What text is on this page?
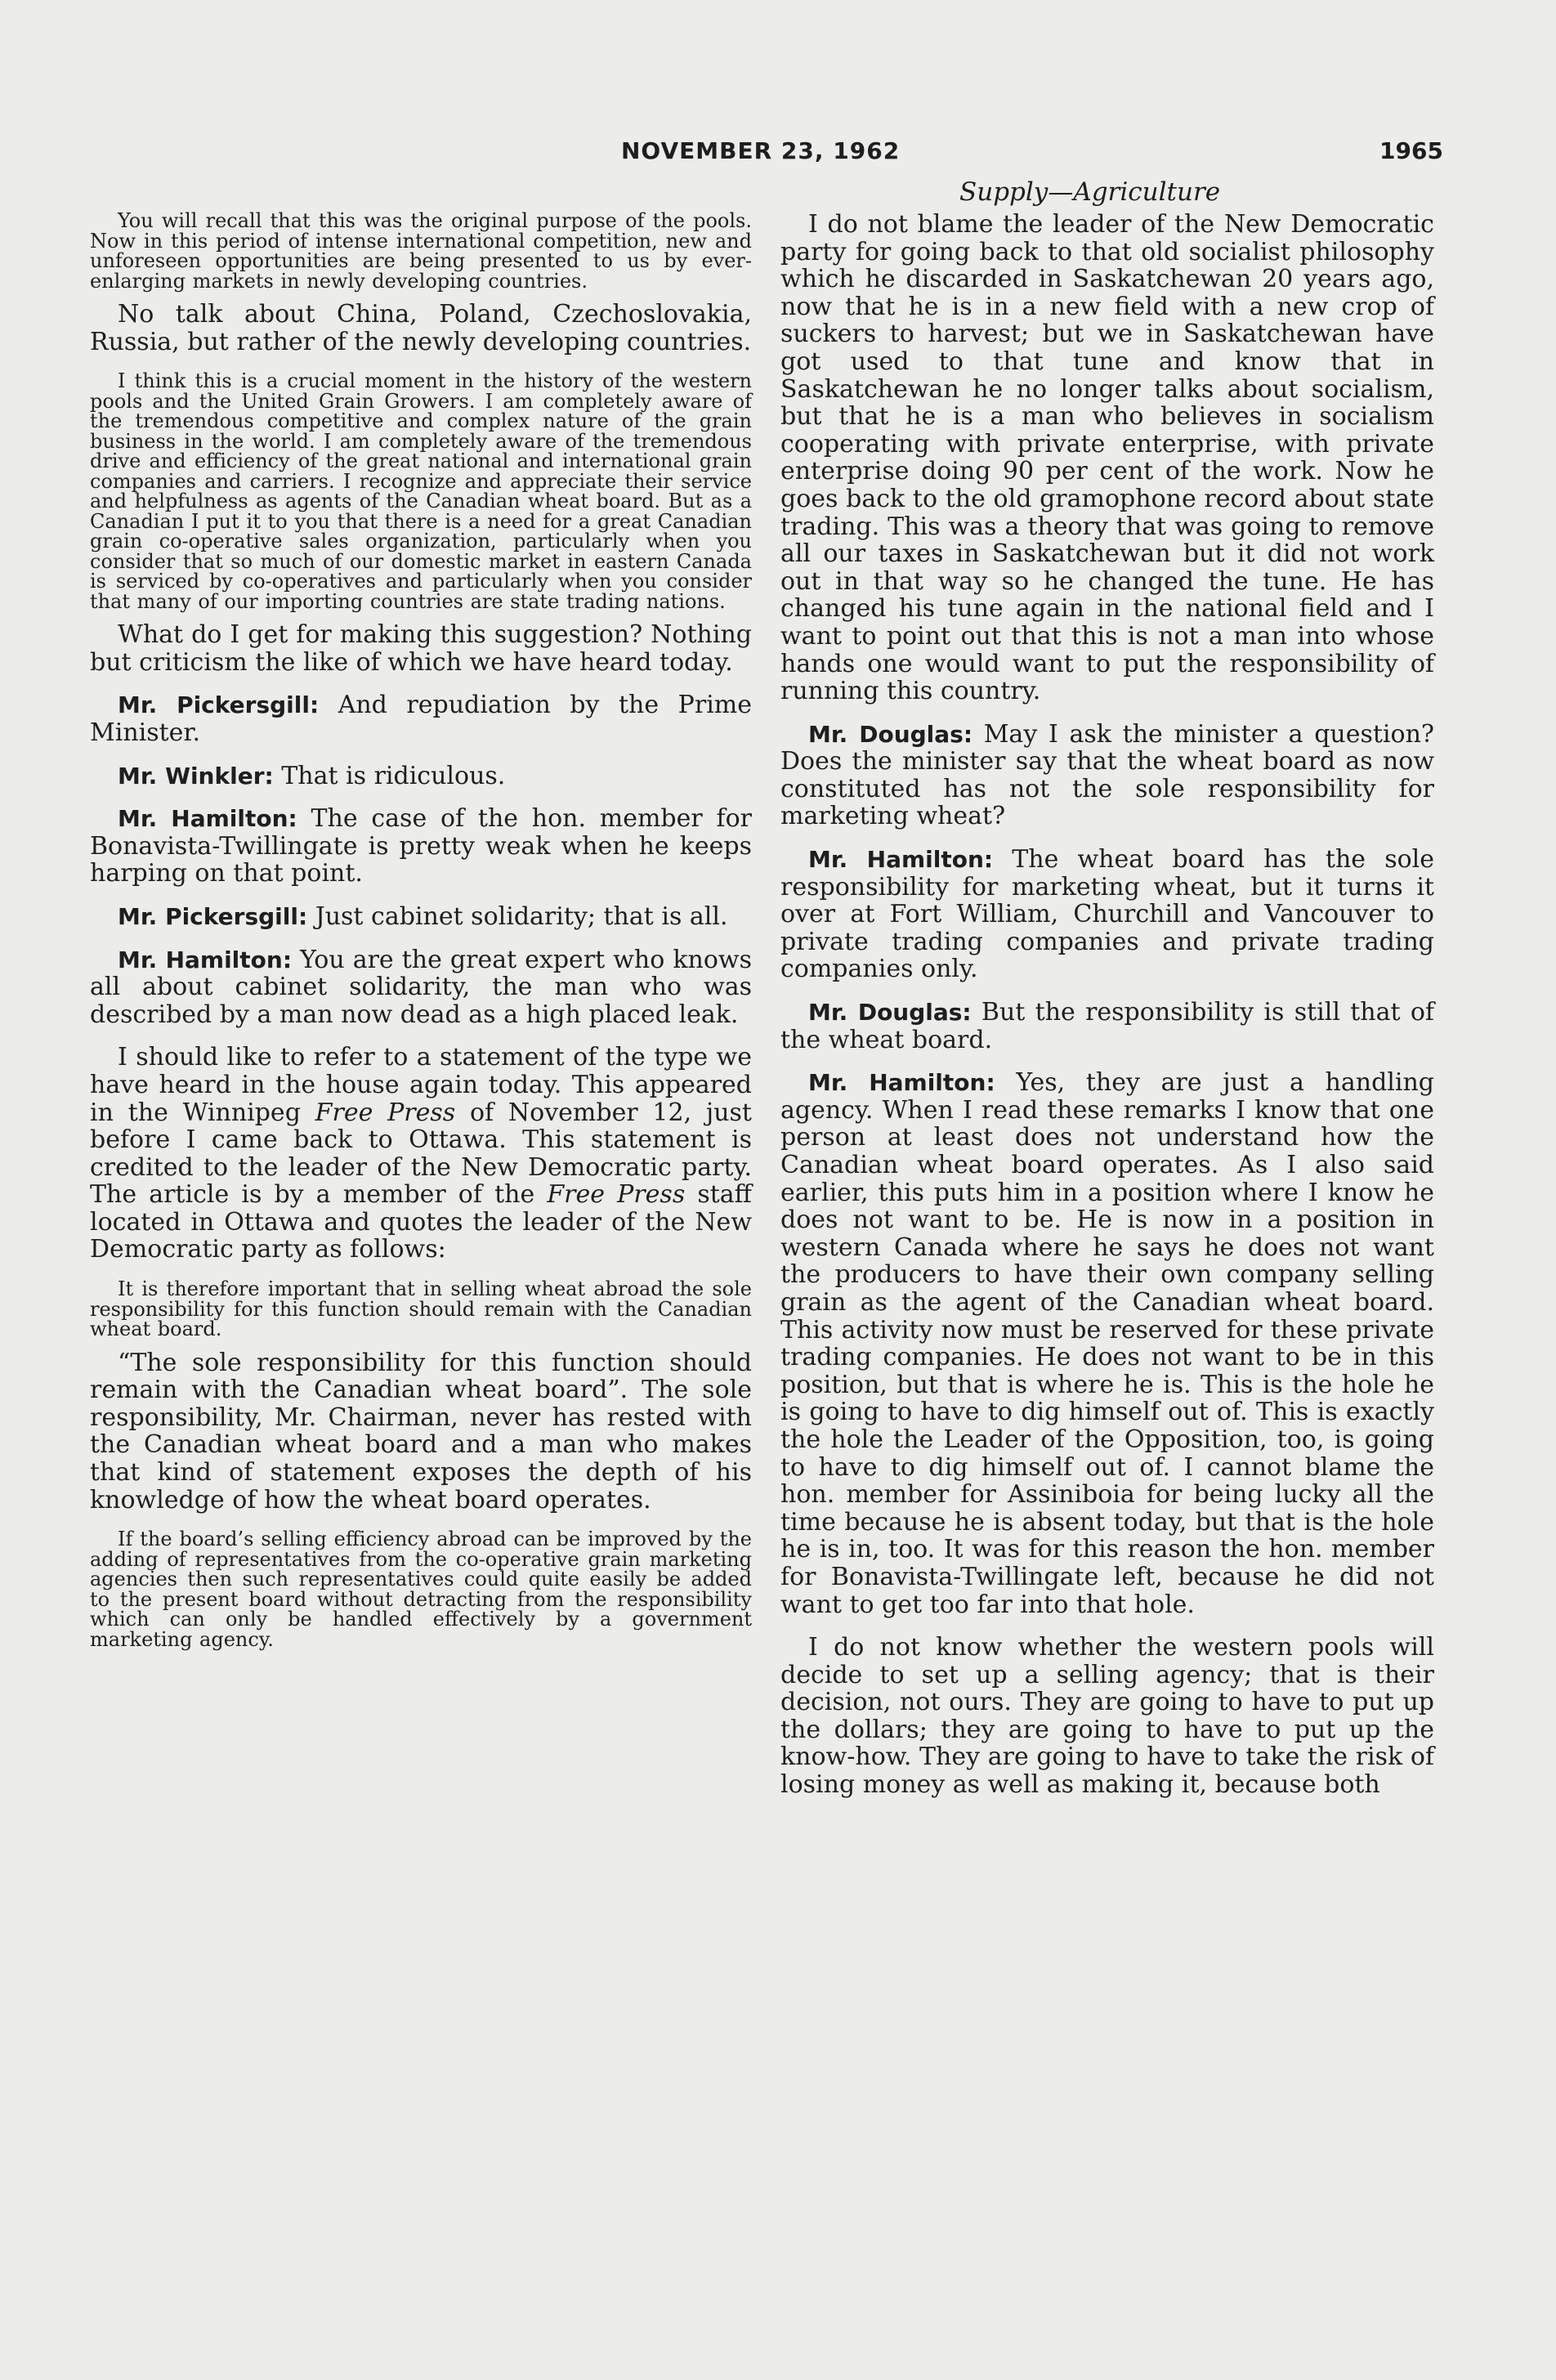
NOVEMBER 23, 1962	1965
Supply—Agriculture

You will recall that this was the original purpose of the pools. Now in this period of intense international competition, new and unforeseen opportunities are being presented to us by ever-enlarging markets in newly developing countries.

No talk about China, Poland, Czechoslovakia, Russia, but rather of the newly developing countries.

I think this is a crucial moment in the history of the western pools and the United Grain Growers. I am completely aware of the tremendous competitive and complex nature of the grain business in the world. I am completely aware of the tremendous drive and efficiency of the great national and international grain companies and carriers. I recognize and appreciate their service and helpfulness as agents of the Canadian wheat board. But as a Canadian I put it to you that there is a need for a great Canadian grain co-operative sales organization, particularly when you consider that so much of our domestic market in eastern Canada is serviced by co-operatives and particularly when you consider that many of our importing countries are state trading nations.

What do I get for making this suggestion? Nothing but criticism the like of which we have heard today.

Mr. Pickersgill: And repudiation by the Prime Minister.

Mr. Winkler: That is ridiculous.

Mr. Hamilton: The case of the hon. member for Bonavista-Twillingate is pretty weak when he keeps harping on that point.

Mr. Pickersgill: Just cabinet solidarity; that is all.

Mr. Hamilton: You are the great expert who knows all about cabinet solidarity, the man who was described by a man now dead as a high placed leak.

I should like to refer to a statement of the type we have heard in the house again today. This appeared in the Winnipeg Free Press of November 12, just before I came back to Ottawa. This statement is credited to the leader of the New Democratic party. The article is by a member of the Free Press staff located in Ottawa and quotes the leader of the New Democratic party as follows:

It is therefore important that in selling wheat abroad the sole responsibility for this function should remain with the Canadian wheat board.

“The sole responsibility for this function should remain with the Canadian wheat board”. The sole responsibility, Mr. Chairman, never has rested with the Canadian wheat board and a man who makes that kind of statement exposes the depth of his knowledge of how the wheat board operates.

If the board’s selling efficiency abroad can be improved by the adding of representatives from the co-operative grain marketing agencies then such representatives could quite easily be added to the present board without detracting from the responsibility which can only be handled effectively by a government marketing agency.

I do not blame the leader of the New Democratic party for going back to that old socialist philosophy which he discarded in Saskatchewan 20 years ago, now that he is in a new field with a new crop of suckers to harvest; but we in Saskatchewan have got used to that tune and know that in Saskatchewan he no longer talks about socialism, but that he is a man who believes in socialism cooperating with private enterprise, with private enterprise doing 90 per cent of the work. Now he goes back to the old gramophone record about state trading. This was a theory that was going to remove all our taxes in Saskatchewan but it did not work out in that way so he changed the tune. He has changed his tune again in the national field and I want to point out that this is not a man into whose hands one would want to put the responsibility of running this country.

Mr. Douglas: May I ask the minister a question? Does the minister say that the wheat board as now constituted has not the sole responsibility for marketing wheat?

Mr. Hamilton: The wheat board has the sole responsibility for marketing wheat, but it turns it over at Fort William, Churchill and Vancouver to private trading companies and private trading companies only.

Mr. Douglas: But the responsibility is still that of the wheat board.

Mr. Hamilton: Yes, they are just a handling agency. When I read these remarks I know that one person at least does not understand how the Canadian wheat board operates. As I also said earlier, this puts him in a position where I know he does not want to be. He is now in a position in western Canada where he says he does not want the producers to have their own company selling grain as the agent of the Canadian wheat board. This activity now must be reserved for these private trading companies. He does not want to be in this position, but that is where he is. This is the hole he is going to have to dig himself out of. This is exactly the hole the Leader of the Opposition, too, is going to have to dig himself out of. I cannot blame the hon. member for Assiniboia for being lucky all the time because he is absent today, but that is the hole he is in, too. It was for this reason the hon. member for Bonavista-Twillingate left, because he did not want to get too far into that hole.

I do not know whether the western pools will decide to set up a selling agency; that is their decision, not ours. They are going to have to put up the dollars; they are going to have to put up the know-how. They are going to have to take the risk of losing money as well as making it, because both
